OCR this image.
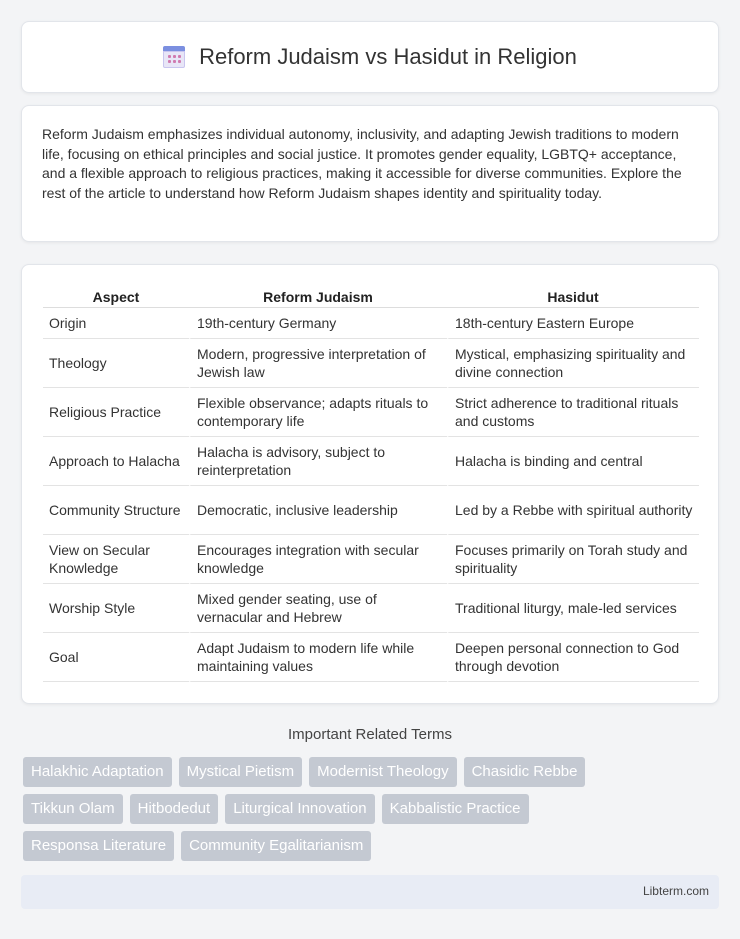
Reform Judaism vs Hasidut in Religion

Reform Judaism emphasizes individual autonomy, inclusivity, and adapting Jewish traditions to modern life, focusing on ethical principles and social justice. It promotes gender equality, LGBTQ+ acceptance, and a flexible approach to religious practices, making it accessible for diverse communities. Explore the rest of the article to understand how Reform Judaism shapes identity and spirituality today.

Aspect	Reform Judaism	Hasidut
Origin	19th-century Germany	18th-century Eastern Europe
Theology	Modern, progressive interpretation of Jewish law	Mystical, emphasizing spirituality and divine connection
Religious Practice	Flexible observance; adapts rituals to contemporary life	Strict adherence to traditional rituals and customs
Approach to Halacha	Halacha is advisory, subject to reinterpretation	Halacha is binding and central
Community Structure	Democratic, inclusive leadership	Led by a Rebbe with spiritual authority
View on Secular Knowledge	Encourages integration with secular knowledge	Focuses primarily on Torah study and spirituality
Worship Style	Mixed gender seating, use of vernacular and Hebrew	Traditional liturgy, male-led services
Goal	Adapt Judaism to modern life while maintaining values	Deepen personal connection to God through devotion
Important Related Terms
Halakhic Adaptation	Mystical Pietism	Modernist Theology	Chasidic Rebbe
Tikkun Olam	Hitbodedut	Liturgical Innovation	Kabbalistic Practice
Responsa Literature	Community Egalitarianism
Libterm.com
